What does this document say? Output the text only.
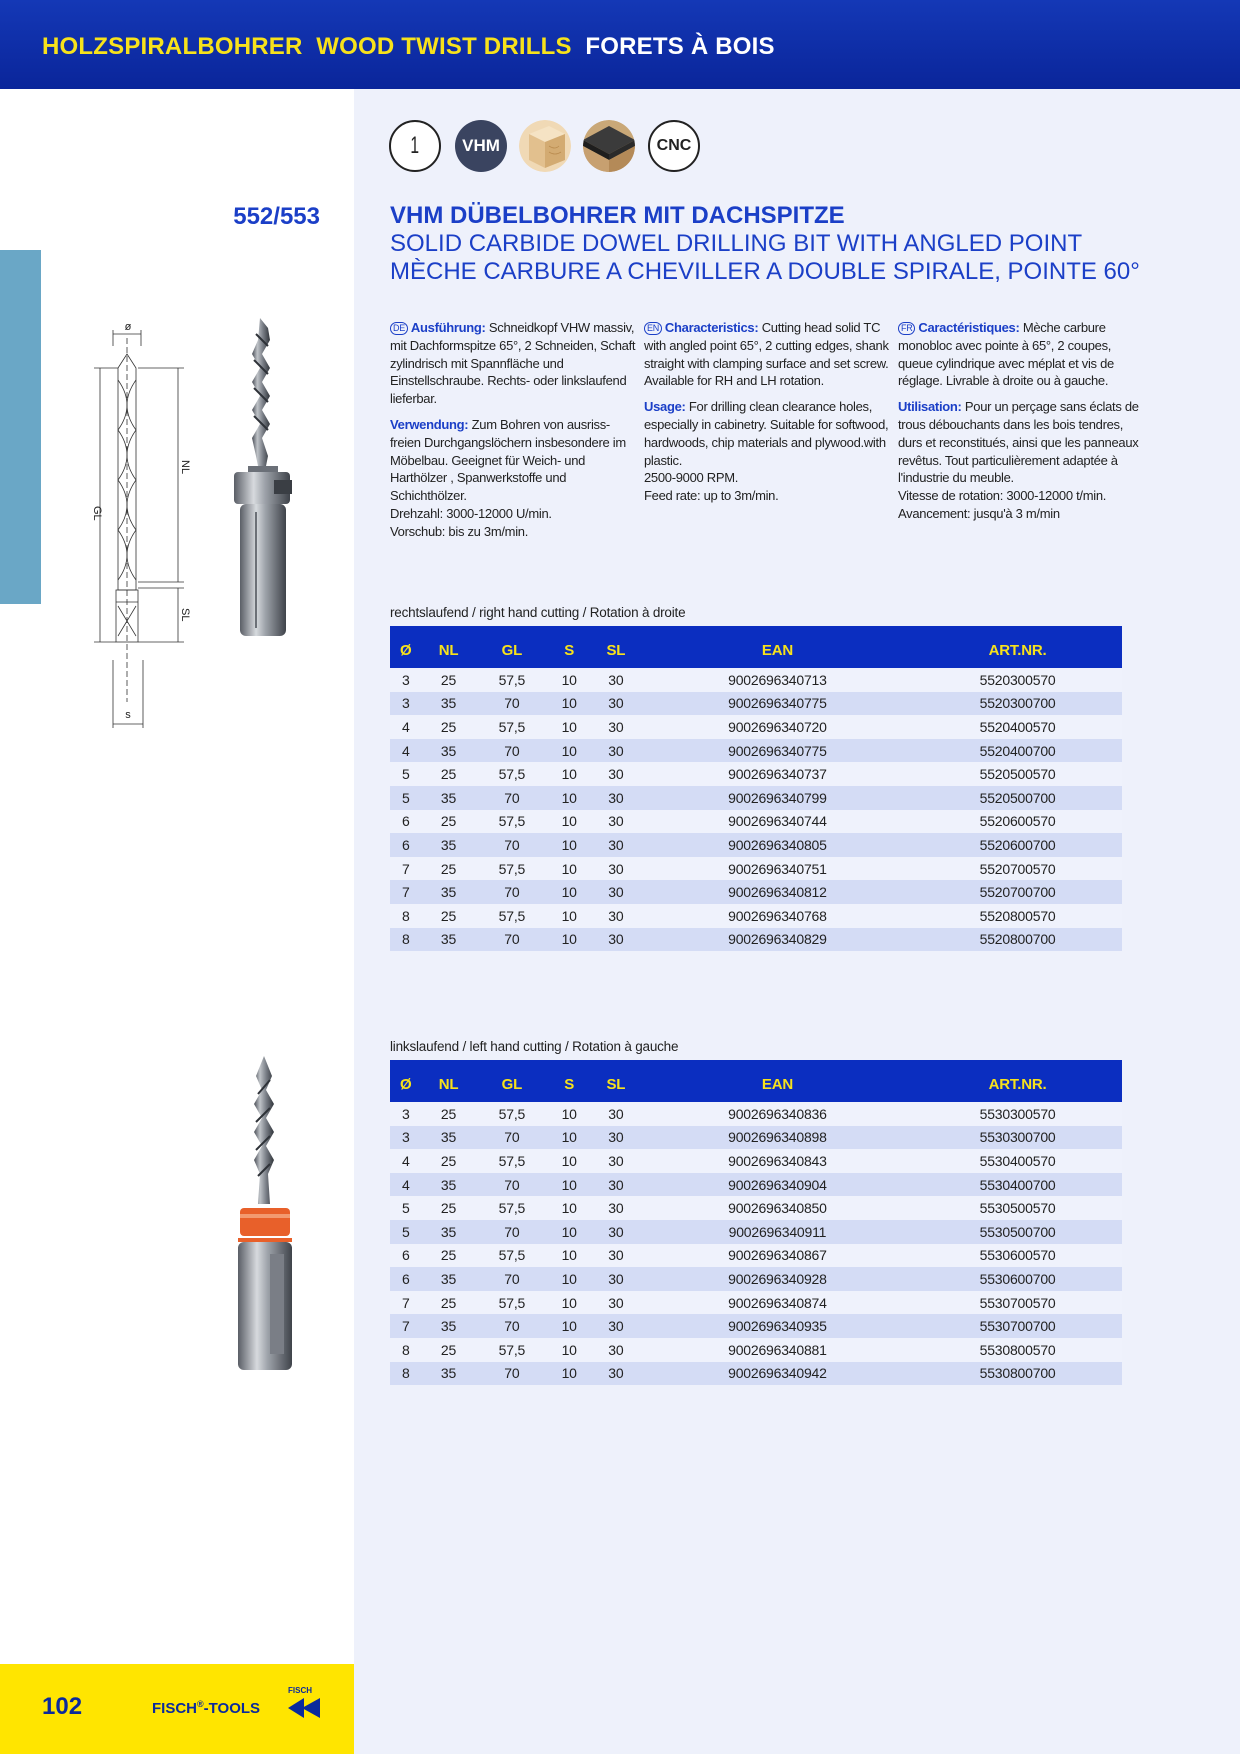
HOLZSPIRALBOHRER WOOD TWIST DRILLS FORETS À BOIS
1	VHM	CNC
552/553	VHM DÜBELBOHRER MIT DACHSPITZE
SOLID CARBIDE DOWEL DRILLING BIT WITH ANGLED POINT
MÈCHE CARBURE A CHEVILLER A DOUBLE SPIRALE, POINTE 60°
ø
GL
NL
SL
s

DE Ausführung: Schneidkopf VHW massiv, mit Dachformspitze 65°, 2 Schneiden, Schaft zylindrisch mit Spannfläche und Einstellschraube. Rechts- oder linkslaufend lieferbar.

Verwendung: Zum Bohren von ausriss-freien Durchgangslöchern insbesondere im Möbelbau. Geeignet für Weich- und Harthölzer , Spanwerkstoffe und Schichthölzer.
Drehzahl: 3000-12000 U/min.
Vorschub: bis zu 3m/min.

EN Characteristics: Cutting head solid TC with angled point 65°, 2 cutting edges, shank straight with clamping surface and set screw. Available for RH and LH rotation.

Usage: For drilling clean clearance holes, especially in cabinetry. Suitable for softwood, hardwoods, chip materials and plywood.with plastic.
2500-9000 RPM.
Feed rate: up to 3m/min.

FR Caractéristiques: Mèche carbure monobloc avec pointe à 65°, 2 coupes, queue cylindrique avec méplat et vis de réglage. Livrable à droite ou à gauche.

Utilisation: Pour un perçage sans éclats de trous débouchants dans les bois tendres, durs et reconstitués, ainsi que les panneaux revêtus. Tout particulièrement adaptée à l'industrie du meuble.
Vitesse de rotation: 3000-12000 t/min.
Avancement: jusqu'à 3 m/min

rechtslaufend / right hand cutting / Rotation à droite
Ø	NL	GL	S	SL	EAN	ART.NR.
3	25	57,5	10	30	9002696340713	5520300570
3	35	70	10	30	9002696340775	5520300700
4	25	57,5	10	30	9002696340720	5520400570
4	35	70	10	30	9002696340775	5520400700
5	25	57,5	10	30	9002696340737	5520500570
5	35	70	10	30	9002696340799	5520500700
6	25	57,5	10	30	9002696340744	5520600570
6	35	70	10	30	9002696340805	5520600700
7	25	57,5	10	30	9002696340751	5520700570
7	35	70	10	30	9002696340812	5520700700
8	25	57,5	10	30	9002696340768	5520800570
8	35	70	10	30	9002696340829	5520800700
linkslaufend / left hand cutting / Rotation à gauche
Ø	NL	GL	S	SL	EAN	ART.NR.
3	25	57,5	10	30	9002696340836	5530300570
3	35	70	10	30	9002696340898	5530300700
4	25	57,5	10	30	9002696340843	5530400570
4	35	70	10	30	9002696340904	5530400700
5	25	57,5	10	30	9002696340850	5530500570
5	35	70	10	30	9002696340911	5530500700
6	25	57,5	10	30	9002696340867	5530600570
6	35	70	10	30	9002696340928	5530600700
7	25	57,5	10	30	9002696340874	5530700570
7	35	70	10	30	9002696340935	5530700700
8	25	57,5	10	30	9002696340881	5530800570
8	35	70	10	30	9002696340942	5530800700
102	FISCH®-TOOLS
FISCH
